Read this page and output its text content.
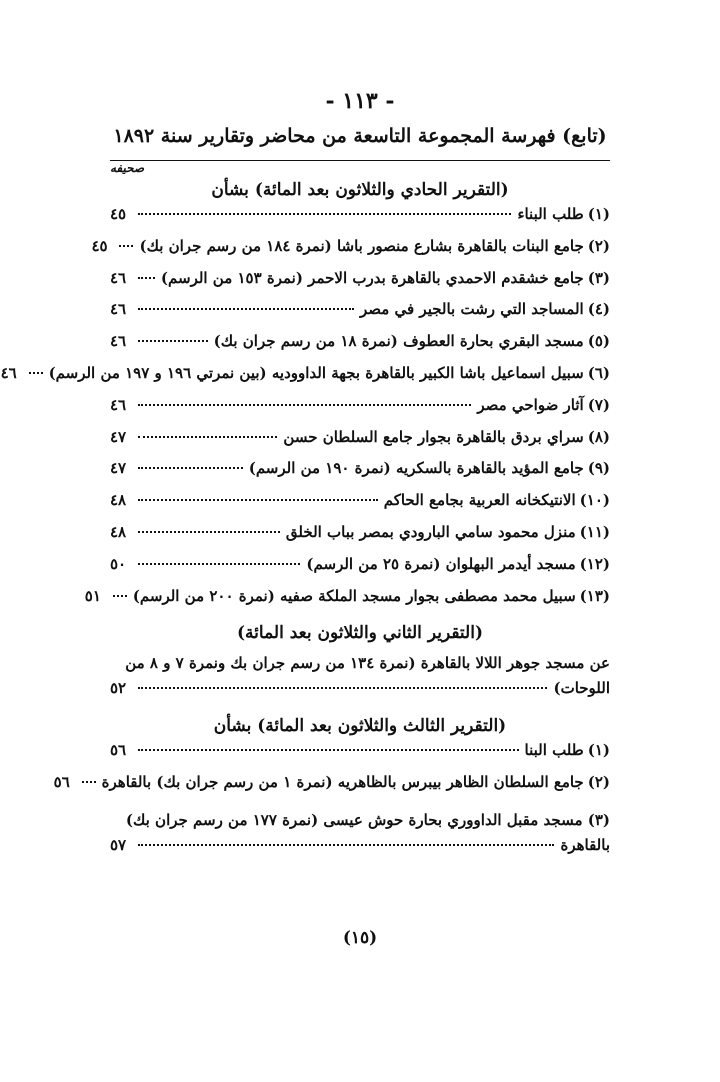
- ١١٣ -
(تابع) فهرسة المجموعة التاسعة من محاضر وتقارير سنة ١٨٩٢
صحيفه
(التقرير الحادي والثلاثون بعد المائة) بشأن
(١)
طلب البناء
٤٥
(٢)
جامع البنات بالقاهرة بشارع منصور باشا (نمرة ١٨٤ من رسم جران بك)
٤٥
(٣)
جامع خشقدم الاحمدي بالقاهرة بدرب الاحمر (نمرة ١٥٣ من الرسم)
٤٦
(٤)
المساجد التي رشت بالجير في مصر
٤٦
(٥)
مسجد البقري بحارة العطوف (نمرة ١٨ من رسم جران بك)
٤٦
(٦)
سبيل اسماعيل باشا الكبير بالقاهرة بجهة الداووديه (بين نمرتي ١٩٦ و ١٩٧ من الرسم)
٤٦
(٧)
آثار ضواحي مصر
٤٦
(٨)
سراي بردق بالقاهرة بجوار جامع السلطان حسن
٤٧
(٩)
جامع المؤيد بالقاهرة بالسكريه (نمرة ١٩٠ من الرسم)
٤٧
(١٠)
الانتيكخانه العربية بجامع الحاكم
٤٨
(١١)
منزل محمود سامي البارودي بمصر بباب الخلق
٤٨
(١٢)
مسجد أيدمر البهلوان (نمرة ٢٥ من الرسم)
٥٠
(١٣)
سبيل محمد مصطفى بجوار مسجد الملكة صفيه (نمرة ٢٠٠ من الرسم)
٥١
(التقرير الثاني والثلاثون بعد المائة)
عن مسجد جوهر اللالا بالقاهرة (نمرة ١٣٤ من رسم جران بك ونمرة ٧ و ٨ من
اللوحات)
٥٢
(التقرير الثالث والثلاثون بعد المائة) بشأن
(١)
طلب البنا
٥٦
(٢)
جامع السلطان الظاهر بيبرس بالظاهريه (نمرة ١ من رسم جران بك) بالقاهرة
٥٦
(٣) مسجد مقبل الداووري بحارة حوش عيسى (نمرة ١٧٧ من رسم جران بك)
بالقاهرة
٥٧
(١٥)
